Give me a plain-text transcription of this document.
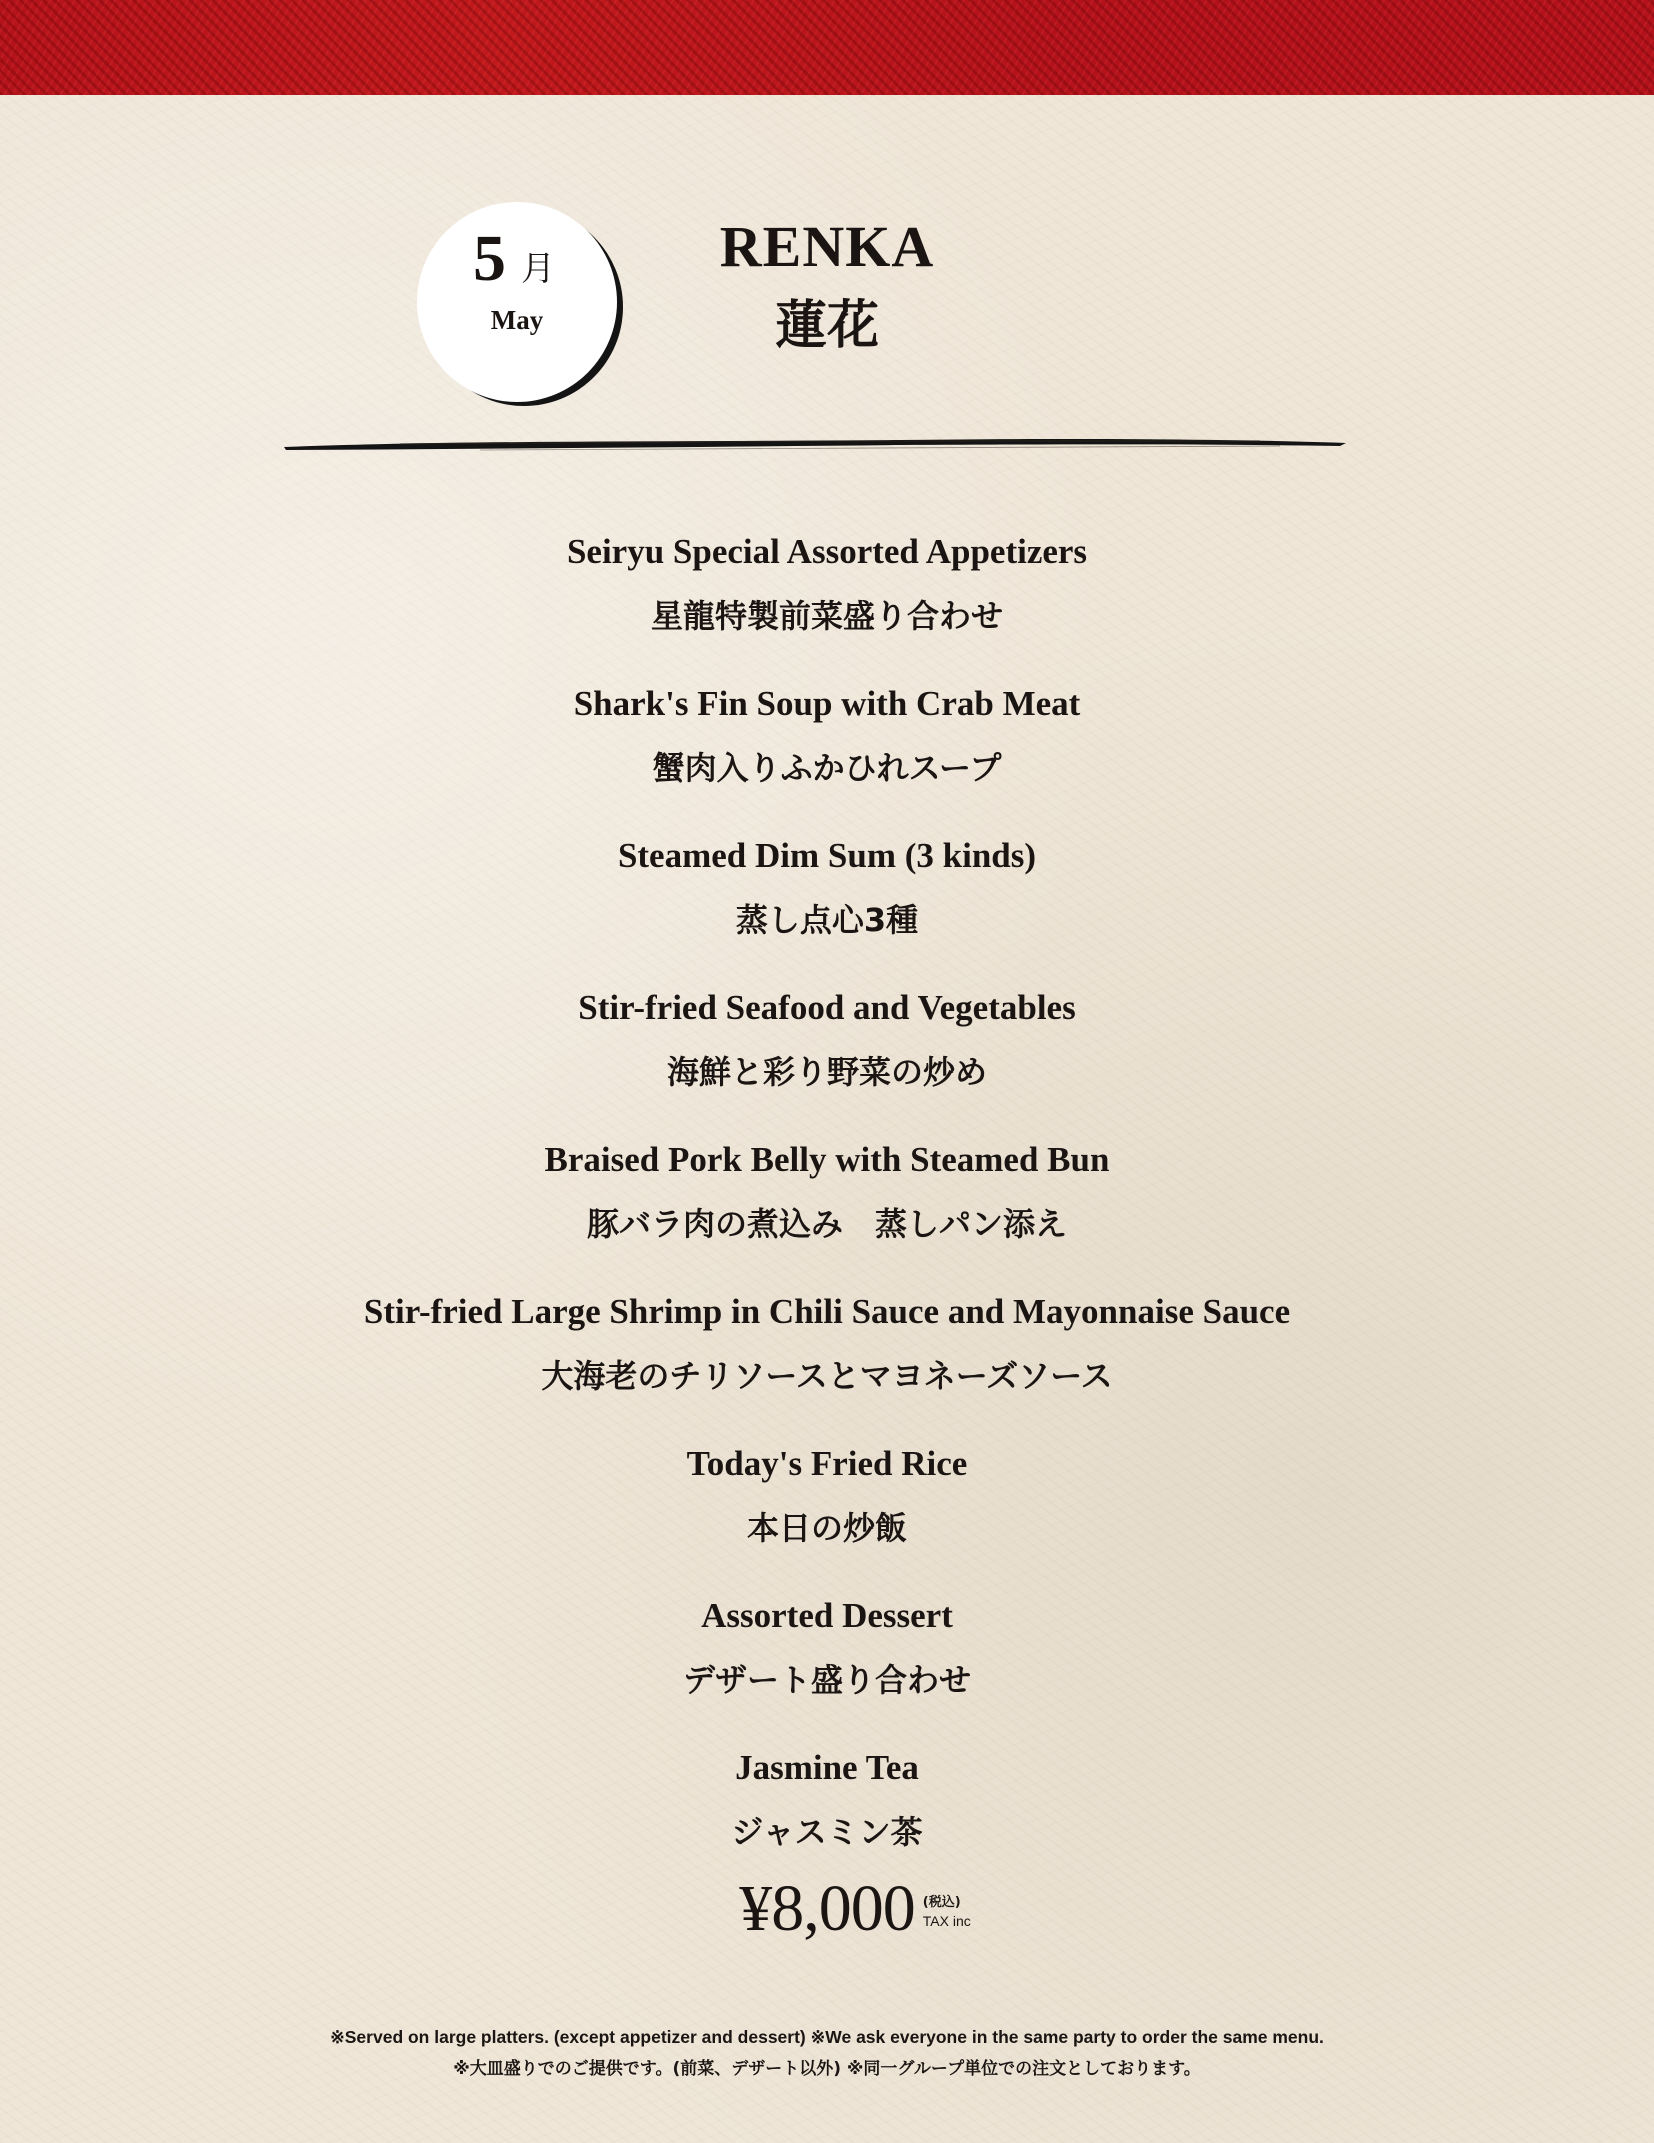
5 月
May
RENKA
蓮花
Seiryu Special Assorted Appetizers
星龍特製前菜盛り合わせ
Shark's Fin Soup with Crab Meat
蟹肉入りふかひれスープ
Steamed Dim Sum (3 kinds)
蒸し点心3種
Stir-fried Seafood and Vegetables
海鮮と彩り野菜の炒め
Braised Pork Belly with Steamed Bun
豚バラ肉の煮込み　蒸しパン添え
Stir-fried Large Shrimp in Chili Sauce and Mayonnaise Sauce
大海老のチリソースとマヨネーズソース
Today's Fried Rice
本日の炒飯
Assorted Dessert
デザート盛り合わせ
Jasmine Tea
ジャスミン茶
¥8,000 (税込)
TAX inc
※Served on large platters. (except appetizer and dessert) ※We ask everyone in the same party to order the same menu.
※大皿盛りでのご提供です。(前菜、デザート以外) ※同一グループ単位での注文としております。
